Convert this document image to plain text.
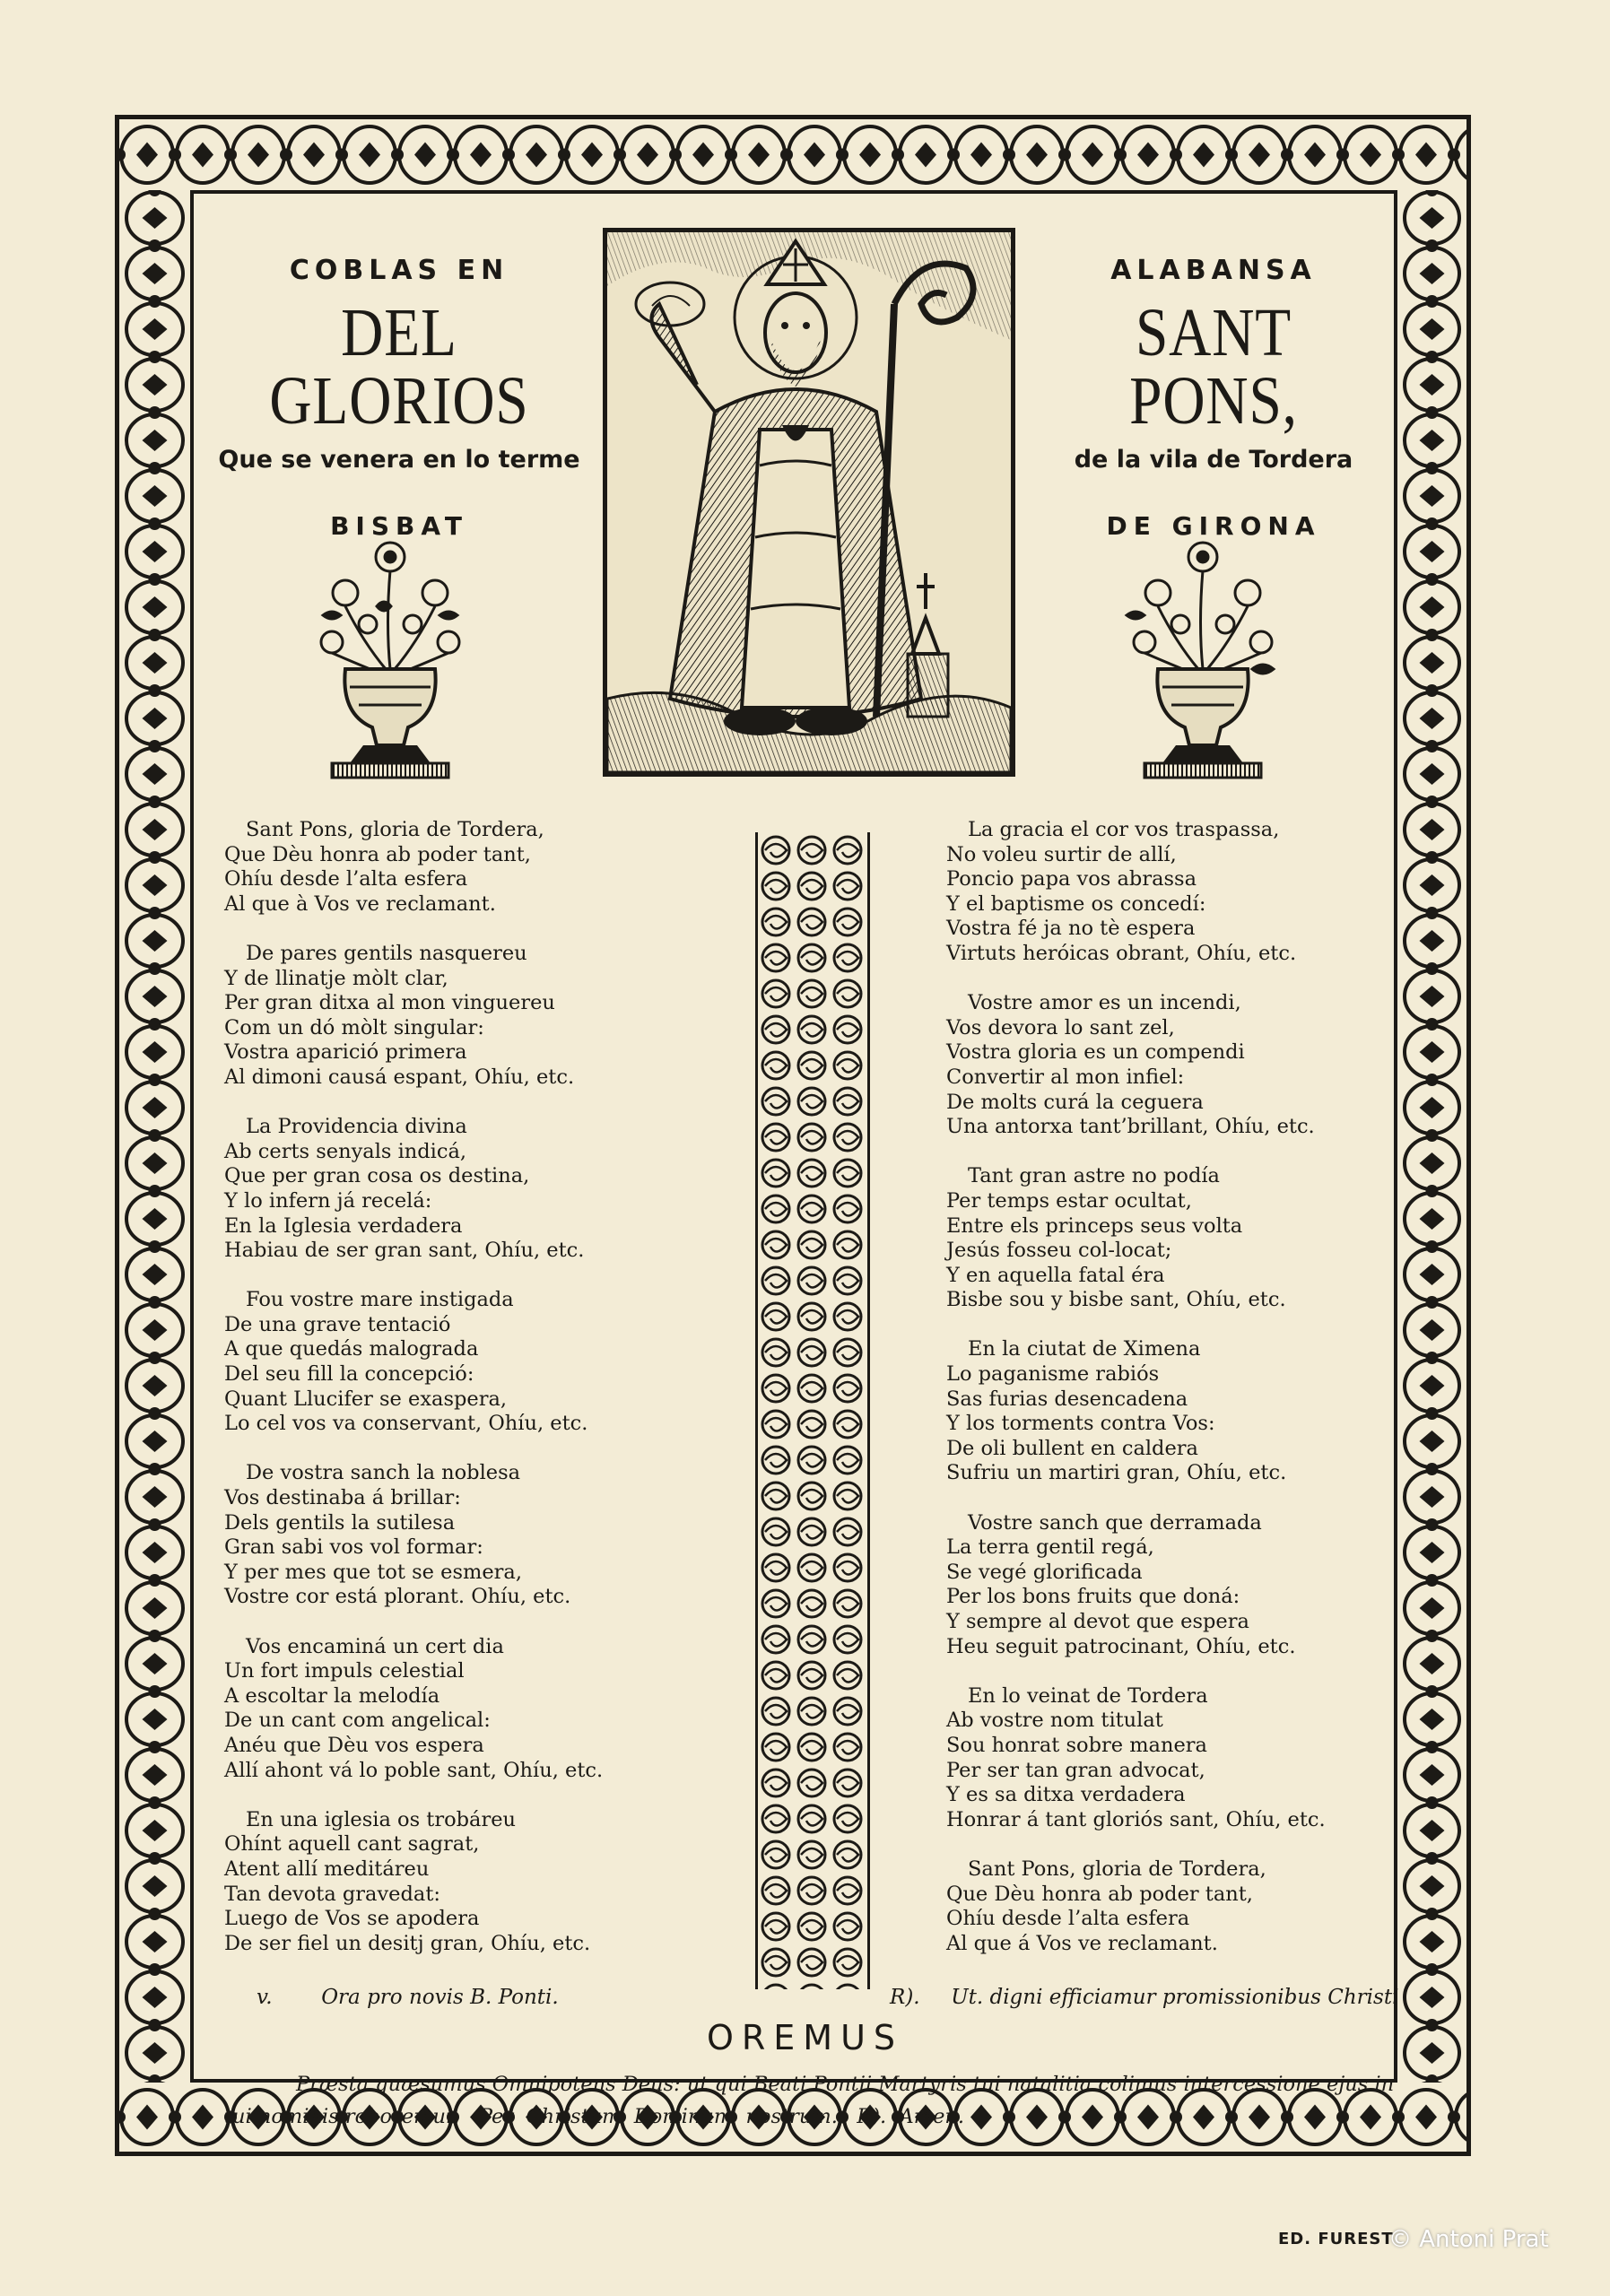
COBLAS EN

DEL GLORIOS

Que se venera en lo terme

BISBAT

ALABANSA

SANT PONS,

de la vila de Tordera

DE GIRONA

Sant Pons, gloria de Tordera,
Que Dèu honra ab poder tant,
Ohíu desde l’alta esfera
Al que à Vos ve reclamant.
De pares gentils nasquereu
Y de llinatje mòlt clar,
Per gran ditxa al mon vinguereu
Com un dó mòlt singular:
Vostra aparició primera
Al dimoni causá espant, Ohíu, etc.
La Providencia divina
Ab certs senyals indicá,
Que per gran cosa os destina,
Y lo infern já recelá:
En la Iglesia verdadera
Habiau de ser gran sant, Ohíu, etc.
Fou vostre mare instigada
De una grave tentació
A que quedás malograda
Del seu fill la concepció:
Quant Llucifer se exaspera,
Lo cel vos va conservant, Ohíu, etc.
De vostra sanch la noblesa
Vos destinaba á brillar:
Dels gentils la sutilesa
Gran sabi vos vol formar:
Y per mes que tot se esmera,
Vostre cor está plorant. Ohíu, etc.
Vos encaminá un cert dia
Un fort impuls celestial
A escoltar la melodía
De un cant com angelical:
Anéu que Dèu vos espera
Allí ahont vá lo poble sant, Ohíu, etc.
En una iglesia os trobáreu
Ohínt aquell cant sagrat,
Atent allí meditáreu
Tan devota gravedat:
Luego de Vos se apodera
De ser fiel un desitj gran, Ohíu, etc.
La gracia el cor vos traspassa,
No voleu surtir de allí,
Poncio papa vos abrassa
Y el baptisme os concedí:
Vostra fé ja no tè espera
Virtuts heróicas obrant, Ohíu, etc.
Vostre amor es un incendi,
Vos devora lo sant zel,
Vostra gloria es un compendi
Convertir al mon infiel:
De molts curá la ceguera
Una antorxa tant’brillant, Ohíu, etc.
Tant gran astre no podía
Per temps estar ocultat,
Entre els princeps seus volta
Jesús fosseu col-locat;
Y en aquella fatal éra
Bisbe sou y bisbe sant, Ohíu, etc.
En la ciutat de Ximena
Lo paganisme rabiós
Sas furias desencadena
Y los torments contra Vos:
De oli bullent en caldera
Sufriu un martiri gran, Ohíu, etc.
Vostre sanch que derramada
La terra gentil regá,
Se vegé glorificada
Per los bons fruits que doná:
Y sempre al devot que espera
Heu seguit patrocinant, Ohíu, etc.
En lo veinat de Tordera
Ab vostre nom titulat
Sou honrat sobre manera
Per ser tan gran advocat,
Y es sa ditxa verdadera
Honrar á tant gloriós sant, Ohíu, etc.
Sant Pons, gloria de Tordera,
Que Dèu honra ab poder tant,
Ohíu desde l’alta esfera
Al que á Vos ve reclamant.
v. Ora pro novis B. Ponti.	R). Ut. digni efficiamur promissionibus Christi
OREMUS
Præsta quæsumus Omnipotens Deus: ut qui Beati Pontii Martyris tui natalitia colimus intercessione ejus in
tui nominis roboremur.   Per  Christum  Dominum  nostrum.   R).  Amen.
ED. FUREST
© Antoni Prat
